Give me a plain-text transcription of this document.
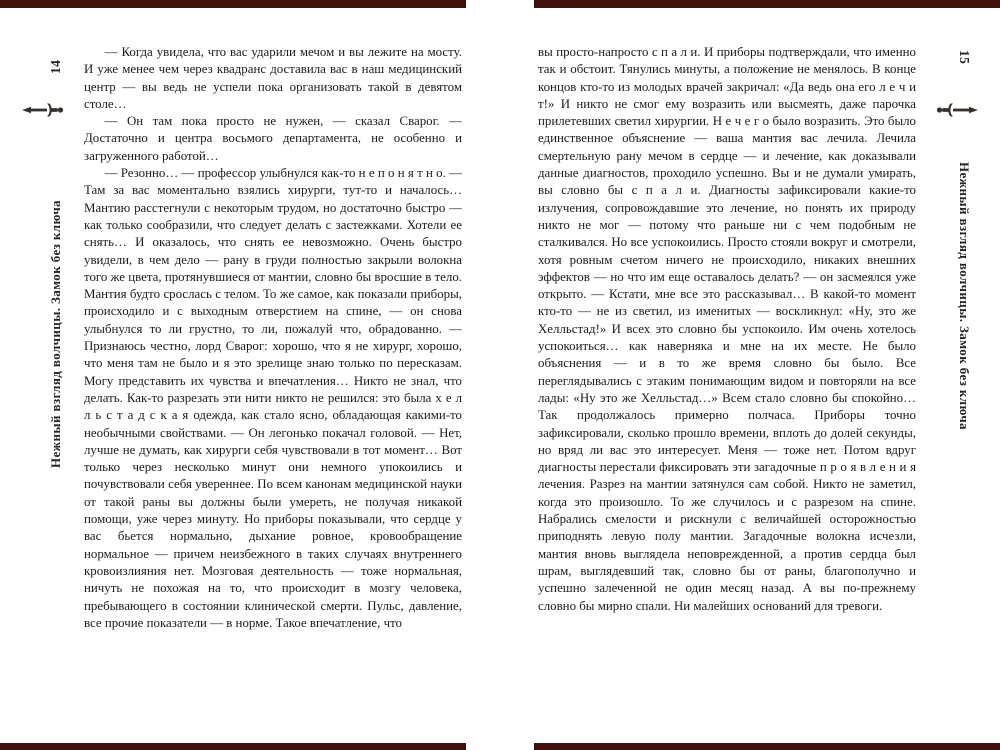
14
Нежный взгляд волчицы. Замок без ключа
15
Нежный взгляд волчицы. Замок без ключа

— Когда увидела, что вас ударили мечом и вы лежите на мосту. И уже менее чем через квадранс доставила вас в наш медицинский центр — вы ведь не успели пока организовать такой в девятом столе…

— Он там пока просто не нужен, — сказал Сварог. — Достаточно и центра восьмого департамента, не особенно и загруженного работой…

— Резонно… — профессор улыбнулся как-то н е п о н я т н о. — Там за вас моментально взялись хирурги, тут-то и началось… Мантию расстегнули с некоторым трудом, но достаточно быстро — как только сообразили, что следует делать с застежками. Хотели ее снять… И оказалось, что снять ее невозможно. Очень быстро увидели, в чем дело — рану в груди полностью закрыли волокна того же цвета, протянувшиеся от мантии, словно бы вросшие в тело. Мантия будто срослась с телом. То же самое, как показали приборы, происходило и с выходным отверстием на спине, — он снова улыбнулся то ли грустно, то ли, пожалуй что, обрадованно. — Признаюсь честно, лорд Сварог: хорошо, что я не хирург, хорошо, что меня там не было и я это зрелище знаю только по пересказам. Могу представить их чувства и впечатления… Никто не знал, что делать. Как-то разрезать эти нити никто не решился: это была х е л л ь с т а д с к а я одежда, как стало ясно, обладающая какими-то необычными свойствами. — Он легонько покачал головой. — Нет, лучше не думать, как хирурги себя чувствовали в тот момент… Вот только через несколько минут они немного упокоились и почувствовали себя увереннее. По всем канонам медицинской науки от такой раны вы должны были умереть, не получая никакой помощи, уже через минуту. Но приборы показывали, что сердце у вас бьется нормально, дыхание ровное, кровообращение нормальное — причем неизбежного в таких случаях внутреннего кровоизлияния нет. Мозговая деятельность — тоже нормальная, ничуть не похожая на то, что происходит в мозгу человека, пребывающего в состоянии клинической смерти. Пульс, давление, все прочие показатели — в норме. Такое впечатление, что

вы просто-напросто с п а л и. И приборы подтверждали, что именно так и обстоит. Тянулись минуты, а положение не менялось. В конце концов кто-то из молодых врачей закричал: «Да ведь она его л е ч и т!» И никто не смог ему возразить или высмеять, даже парочка прилетевших светил хирургии. Н е ч е г о было возразить. Это было единственное объяснение — ваша мантия вас лечила. Лечила смертельную рану мечом в сердце — и лечение, как доказывали данные диагностов, проходило успешно. Вы и не думали умирать, вы словно бы с п а л и. Диагносты зафиксировали какие-то излучения, сопровождавшие это лечение, но понять их природу никто не мог — потому что раньше ни с чем подобным не сталкивался. Но все успокоились. Просто стояли вокруг и смотрели, хотя ровным счетом ничего не происходило, никаких внешних эффектов — но что им еще оставалось делать? — он засмеялся уже открыто. — Кстати, мне все это рассказывал… В какой-то момент кто-то — не из светил, из именитых — воскликнул: «Ну, это же Хелльстад!» И всех это словно бы успокоило. Им очень хотелось успокоиться… как наверняка и мне на их месте. Не было объяснения — и в то же время словно бы было. Все переглядывались с этаким понимающим видом и повторяли на все лады: «Ну это же Хелльстад…» Всем стало словно бы спокойно… Так продолжалось примерно полчаса. Приборы точно зафиксировали, сколько прошло времени, вплоть до долей секунды, но вряд ли вас это интересует. Меня — тоже нет. Потом вдруг диагносты перестали фиксировать эти загадочные п р о я в л е н и я лечения. Разрез на мантии затянулся сам собой. Никто не заметил, когда это произошло. То же случилось и с разрезом на спине. Набрались смелости и рискнули с величайшей осторожностью приподнять левую полу мантии. Загадочные волокна исчезли, мантия вновь выглядела неповрежденной, а против сердца был шрам, выглядевший так, словно бы от раны, благополучно и успешно залеченной не один месяц назад. А вы по-прежнему словно бы мирно спали. Ни малейших оснований для тревоги.
